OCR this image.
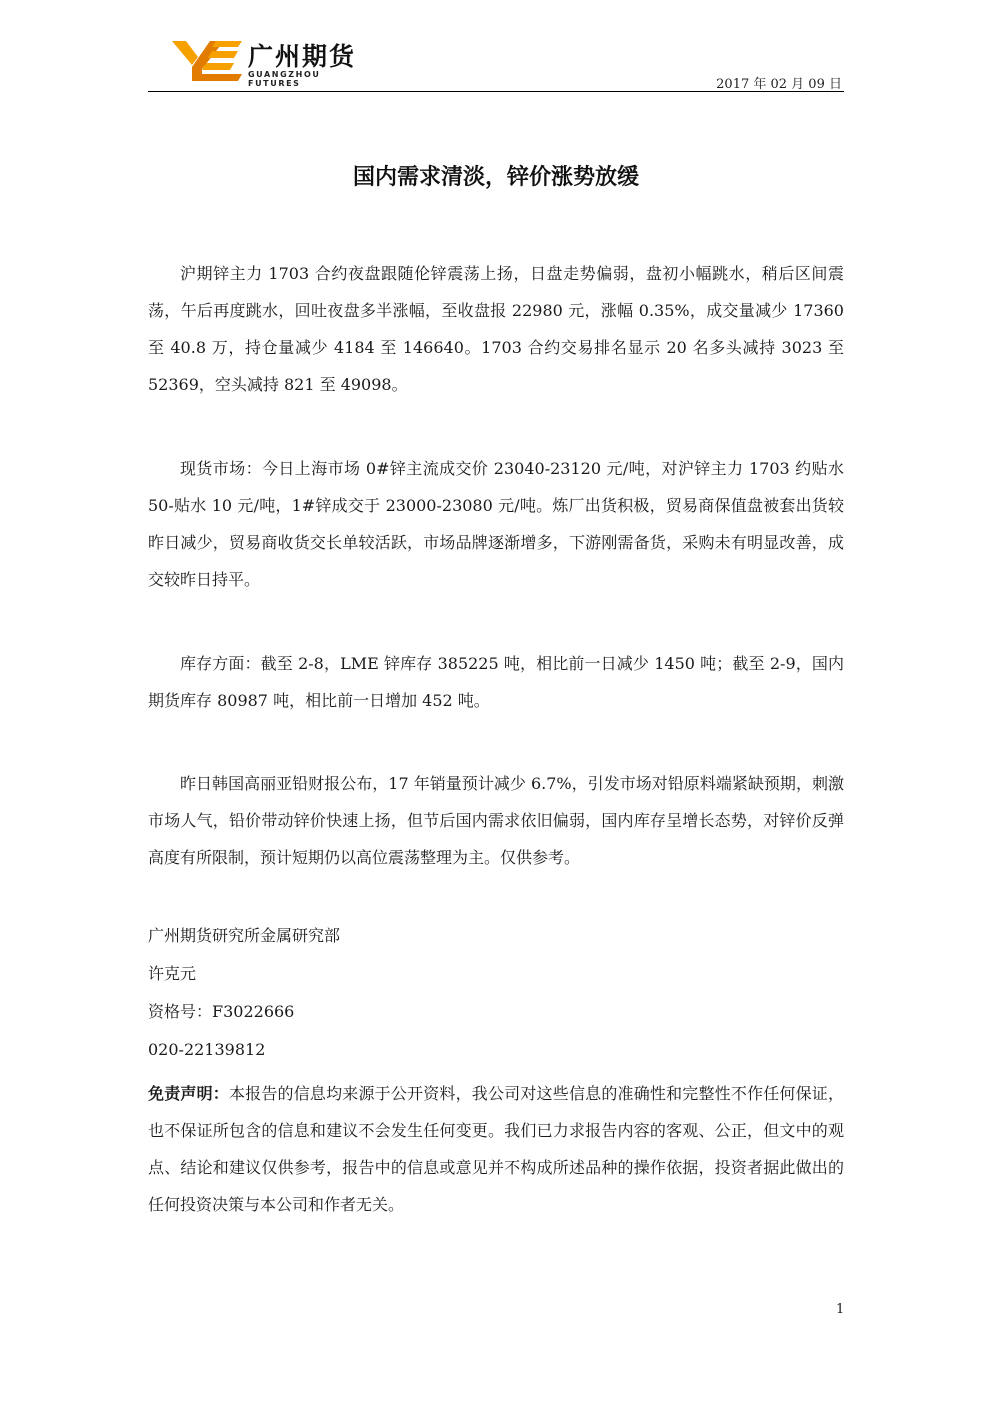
广州期货
GUANGZHOU FUTURES	2017 年 02 月 09 日
国内需求清淡，锌价涨势放缓

沪期锌主力 1703 合约夜盘跟随伦锌震荡上扬，日盘走势偏弱，盘初小幅跳水，稍后区间震荡，午后再度跳水，回吐夜盘多半涨幅，至收盘报 22980 元，涨幅 0.35%，成交量减少 17360 至 40.8 万，持仓量减少 4184 至 146640。1703 合约交易排名显示 20 名多头减持 3023 至 52369，空头减持 821 至 49098。

现货市场：今日上海市场 0#锌主流成交价 23040-23120 元/吨，对沪锌主力 1703 约贴水 50-贴水 10 元/吨，1#锌成交于 23000-23080 元/吨。炼厂出货积极，贸易商保值盘被套出货较昨日减少，贸易商收货交长单较活跃，市场品牌逐渐增多，下游刚需备货，采购未有明显改善，成交较昨日持平。

库存方面：截至 2-8，LME 锌库存 385225 吨，相比前一日减少 1450 吨；截至 2-9，国内期货库存 80987 吨，相比前一日增加 452 吨。

昨日韩国高丽亚铅财报公布，17 年销量预计减少 6.7%，引发市场对铅原料端紧缺预期，刺激市场人气，铅价带动锌价快速上扬，但节后国内需求依旧偏弱，国内库存呈增长态势，对锌价反弹高度有所限制，预计短期仍以高位震荡整理为主。仅供参考。

广州期货研究所金属研究部
许克元
资格号：F3022666
020-22139812
免责声明：本报告的信息均来源于公开资料，我公司对这些信息的准确性和完整性不作任何保证，也不保证所包含的信息和建议不会发生任何变更。我们已力求报告内容的客观、公正，但文中的观点、结论和建议仅供参考，报告中的信息或意见并不构成所述品种的操作依据，投资者据此做出的任何投资决策与本公司和作者无关。
1
